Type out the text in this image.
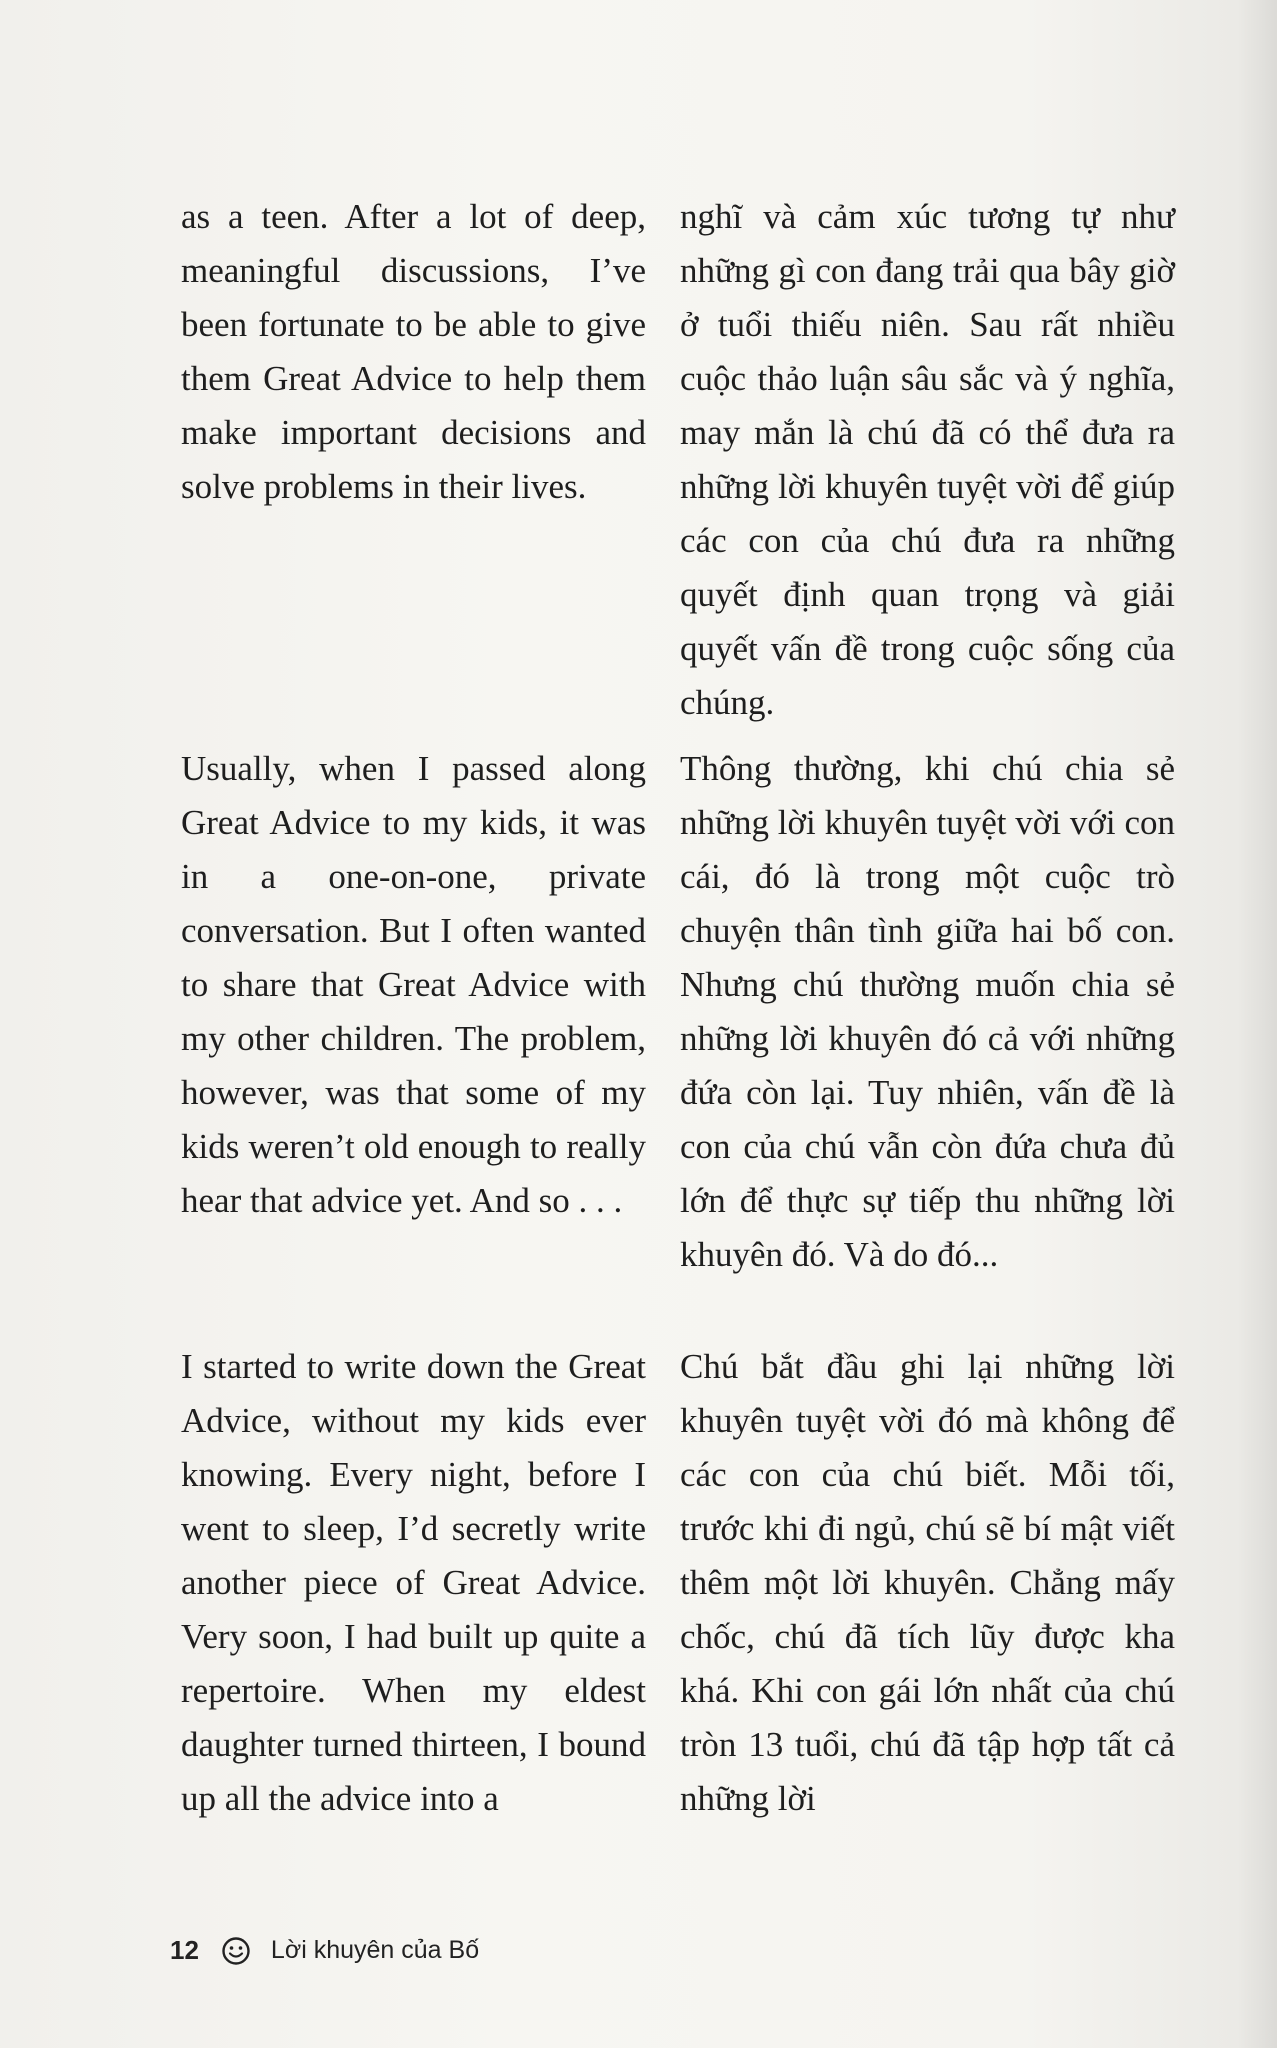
as a teen. After a lot of deep, meaningful discussions, I’ve been fortunate to be able to give them Great Advice to help them make important decisions and solve problems in their lives.

Usually, when I passed along Great Advice to my kids, it was in a one-on-one, private conversation. But I often wanted to share that Great Advice with my other children. The problem, however, was that some of my kids weren’t old enough to really hear that advice yet. And so . . .

I started to write down the Great Advice, without my kids ever knowing. Every night, before I went to sleep, I’d secretly write another piece of Great Advice. Very soon, I had built up quite a repertoire. When my eldest daughter turned thirteen, I bound up all the advice into a

nghĩ và cảm xúc tương tự như những gì con đang trải qua bây giờ ở tuổi thiếu niên. Sau rất nhiều cuộc thảo luận sâu sắc và ý nghĩa, may mắn là chú đã có thể đưa ra những lời khuyên tuyệt vời để giúp các con của chú đưa ra những quyết định quan trọng và giải quyết vấn đề trong cuộc sống của chúng.

Thông thường, khi chú chia sẻ những lời khuyên tuyệt vời với con cái, đó là trong một cuộc trò chuyện thân tình giữa hai bố con. Nhưng chú thường muốn chia sẻ những lời khuyên đó cả với những đứa còn lại. Tuy nhiên, vấn đề là con của chú vẫn còn đứa chưa đủ lớn để thực sự tiếp thu những lời khuyên đó. Và do đó...

Chú bắt đầu ghi lại những lời khuyên tuyệt vời đó mà không để các con của chú biết. Mỗi tối, trước khi đi ngủ, chú sẽ bí mật viết thêm một lời khuyên. Chẳng mấy chốc, chú đã tích lũy được kha khá. Khi con gái lớn nhất của chú tròn 13 tuổi, chú đã tập hợp tất cả những lời

12	Lời khuyên của Bố
